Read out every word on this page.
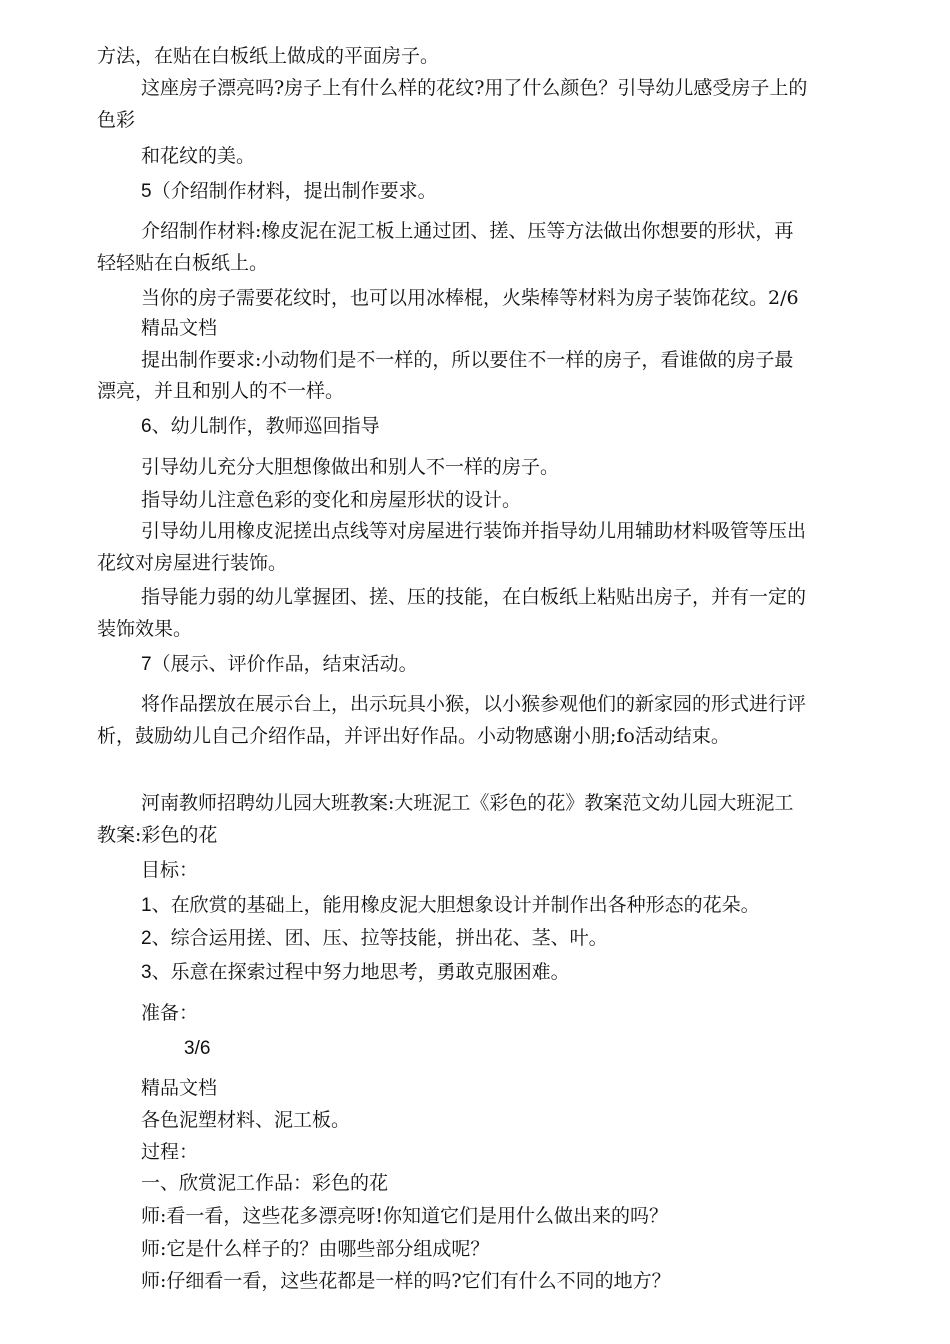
方法，在贴在白板纸上做成的平面房子。

这座房子漂亮吗?房子上有什么样的花纹?用了什么颜色？引导幼儿感受房子上的

色彩

和花纹的美。

5（介绍制作材料，提出制作要求。

介绍制作材料:橡皮泥在泥工板上通过团、搓、压等方法做出你想要的形状，再

轻轻贴在白板纸上。

当你的房子需要花纹时，也可以用冰棒棍，火柴棒等材料为房子装饰花纹。2/6

精品文档

提出制作要求:小动物们是不一样的，所以要住不一样的房子，看谁做的房子最

漂亮，并且和别人的不一样。

6、幼儿制作，教师巡回指导

引导幼儿充分大胆想像做出和别人不一样的房子。

指导幼儿注意色彩的变化和房屋形状的设计。

引导幼儿用橡皮泥搓出点线等对房屋进行装饰并指导幼儿用辅助材料吸管等压出

花纹对房屋进行装饰。

指导能力弱的幼儿掌握团、搓、压的技能，在白板纸上粘贴出房子，并有一定的

装饰效果。

7（展示、评价作品，结束活动。

将作品摆放在展示台上，出示玩具小猴，以小猴参观他们的新家园的形式进行评

析，鼓励幼儿自己介绍作品，并评出好作品。小动物感谢小朋;fo活动结束。

河南教师招聘幼儿园大班教案:大班泥工《彩色的花》教案范文幼儿园大班泥工

教案:彩色的花

目标：

1、在欣赏的基础上，能用橡皮泥大胆想象设计并制作出各种形态的花朵。

2、综合运用搓、团、压、拉等技能，拼出花、茎、叶。

3、乐意在探索过程中努力地思考，勇敢克服困难。

准备：

3/6

精品文档

各色泥塑材料、泥工板。

过程：

一、欣赏泥工作品：彩色的花

师:看一看，这些花多漂亮呀!你知道它们是用什么做出来的吗？

师:它是什么样子的？由哪些部分组成呢？

师:仔细看一看，这些花都是一样的吗?它们有什么不同的地方？
